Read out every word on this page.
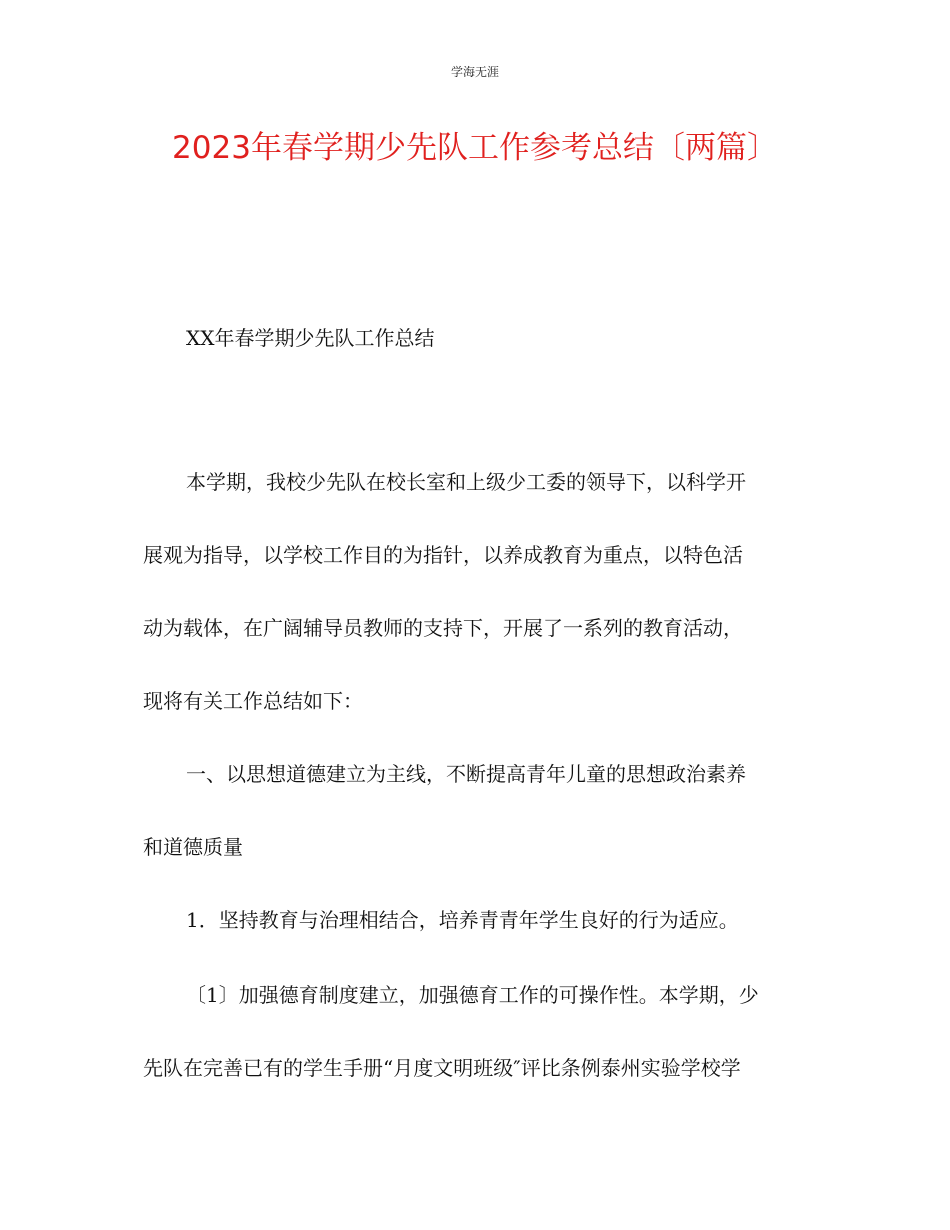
学海无涯
2023年春学期少先队工作参考总结〔两篇〕
XX年春学期少先队工作总结
本学期，我校少先队在校长室和上级少工委的领导下，以科学开
展观为指导，以学校工作目的为指针，以养成教育为重点，以特色活
动为载体，在广阔辅导员教师的支持下，开展了一系列的教育活动，
现将有关工作总结如下：
一、以思想道德建立为主线，不断提高青年儿童的思想政治素养
和道德质量
1．坚持教育与治理相结合，培养青青年学生良好的行为适应。
〔1〕加强德育制度建立，加强德育工作的可操作性。本学期，少
先队在完善已有的学生手册“月度文明班级″评比条例泰州实验学校学
